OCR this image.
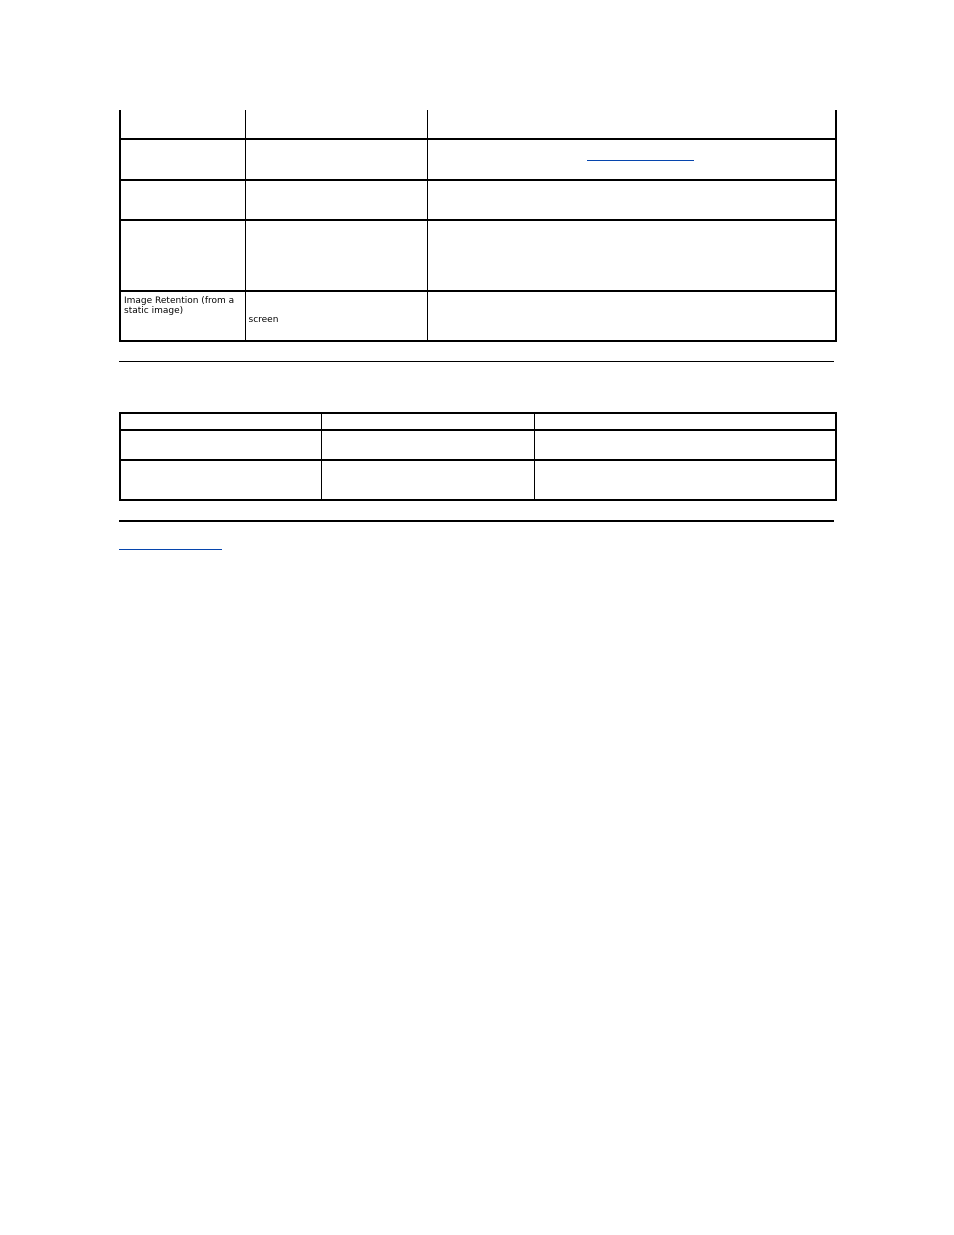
Image Retention (from a static image)	screen	
